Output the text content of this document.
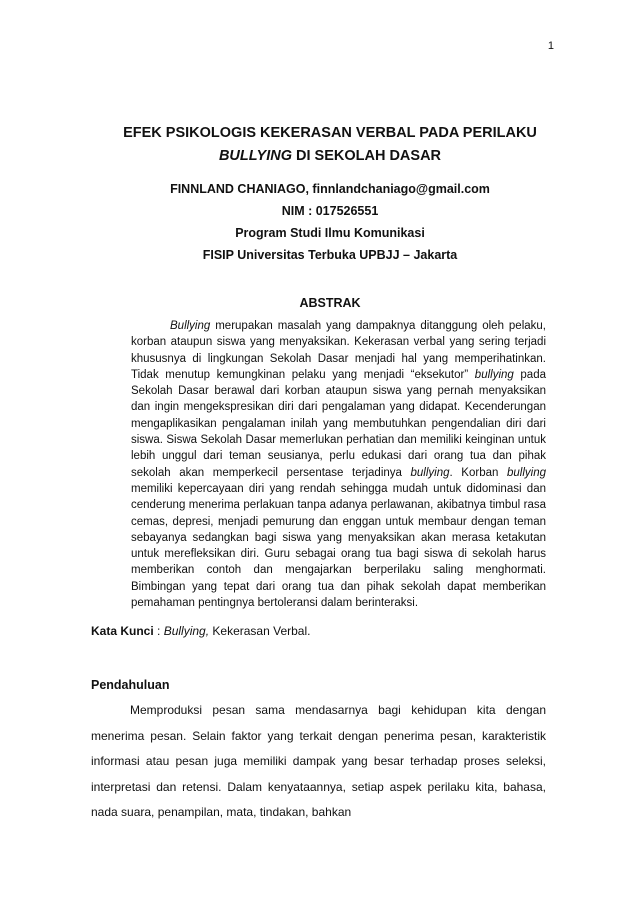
1
EFEK PSIKOLOGIS KEKERASAN VERBAL PADA PERILAKU
BULLYING DI SEKOLAH DASAR
FINNLAND CHANIAGO, finnlandchaniago@gmail.com
NIM : 017526551
Program Studi Ilmu Komunikasi
FISIP Universitas Terbuka UPBJJ – Jakarta
ABSTRAK

Bullying merupakan masalah yang dampaknya ditanggung oleh pelaku, korban ataupun siswa yang menyaksikan. Kekerasan verbal yang sering terjadi khususnya di lingkungan Sekolah Dasar menjadi hal yang memperihatinkan. Tidak menutup kemungkinan pelaku yang menjadi “eksekutor” bullying pada Sekolah Dasar berawal dari korban ataupun siswa yang pernah menyaksikan dan ingin mengekspresikan diri dari pengalaman yang didapat. Kecenderungan mengaplikasikan pengalaman inilah yang membutuhkan pengendalian diri dari siswa. Siswa Sekolah Dasar memerlukan perhatian dan memiliki keinginan untuk lebih unggul dari teman seusianya, perlu edukasi dari orang tua dan pihak sekolah akan memperkecil persentase terjadinya bullying. Korban bullying memiliki kepercayaan diri yang rendah sehingga mudah untuk didominasi dan cenderung menerima perlakuan tanpa adanya perlawanan, akibatnya timbul rasa cemas, depresi, menjadi pemurung dan enggan untuk membaur dengan teman sebayanya sedangkan bagi siswa yang menyaksikan akan merasa ketakutan untuk merefleksikan diri. Guru sebagai orang tua bagi siswa di sekolah harus memberikan contoh dan mengajarkan berperilaku saling menghormati. Bimbingan yang tepat dari orang tua dan pihak sekolah dapat memberikan pemahaman pentingnya bertoleransi dalam berinteraksi.

Kata Kunci : Bullying, Kekerasan Verbal.
Pendahuluan

Memproduksi pesan sama mendasarnya bagi kehidupan kita dengan menerima pesan. Selain faktor yang terkait dengan penerima pesan, karakteristik informasi atau pesan juga memiliki dampak yang besar terhadap proses seleksi, interpretasi dan retensi. Dalam kenyataannya, setiap aspek perilaku kita, bahasa, nada suara, penampilan, mata, tindakan, bahkan
